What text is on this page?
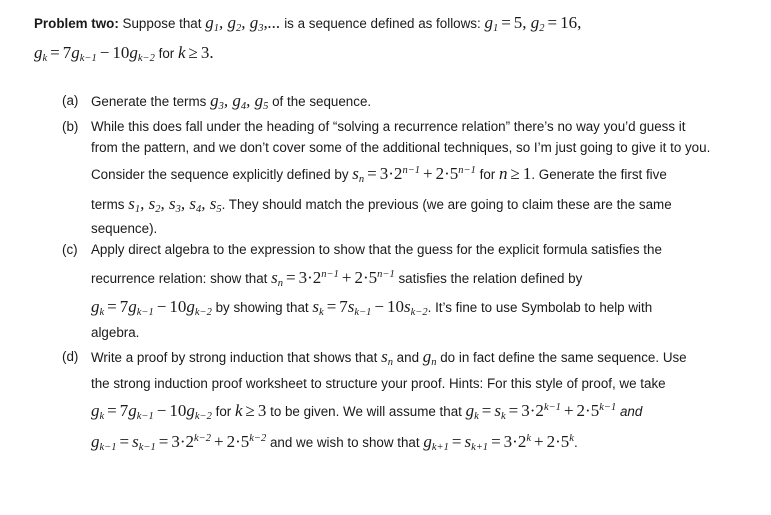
Problem two: Suppose that $g_1$, $g_2$, $g_3$,... is a sequence defined as follows: $g_1 = 5$, $g_2 = 16$,
$g_k = 7g_{k-1} - 10g_{k-2}$ for k ≥ 3.
(a) Generate the terms $g_3$, $g_4$, $g_5$ of the sequence.
(b) While this does fall under the heading of “solving a recurrence relation” there’s no way you’d guess it
from the pattern, and we don’t cover some of the additional techniques, so I’m just going to give it to you.
Consider the sequence explicitly defined by $s_n = 3\cdot 2^{n-1} + 2\cdot 5^{n-1}$ for n ≥ 1. Generate the first five
terms $s_1$, $s_2$, $s_3$, $s_4$, $s_5$. They should match the previous (we are going to claim these are the same
sequence).
(c) Apply direct algebra to the expression to show that the guess for the explicit formula satisfies the
recurrence relation: show that $s_n = 3\cdot 2^{n-1} + 2\cdot 5^{n-1}$ satisfies the relation defined by
$g_k = 7g_{k-1} - 10g_{k-2}$ by showing that $s_k = 7s_{k-1} - 10s_{k-2}$. It’s fine to use Symbolab to help with
algebra.
(d) Write a proof by strong induction that shows that $s_n$ and $g_n$ do in fact define the same sequence. Use
the strong induction proof worksheet to structure your proof. Hints: For this style of proof, we take
$g_k = 7g_{k-1} - 10g_{k-2}$ for k ≥ 3 to be given. We will assume that $g_k = s_k = 3\cdot 2^{k-1} + 2\cdot 5^{k-1}$ and
$g_{k-1} = s_{k-1} = 3\cdot 2^{k-2} + 2\cdot 5^{k-2}$ and we wish to show that $g_{k+1} = s_{k+1} = 3\cdot 2^k + 2\cdot 5^k$.
